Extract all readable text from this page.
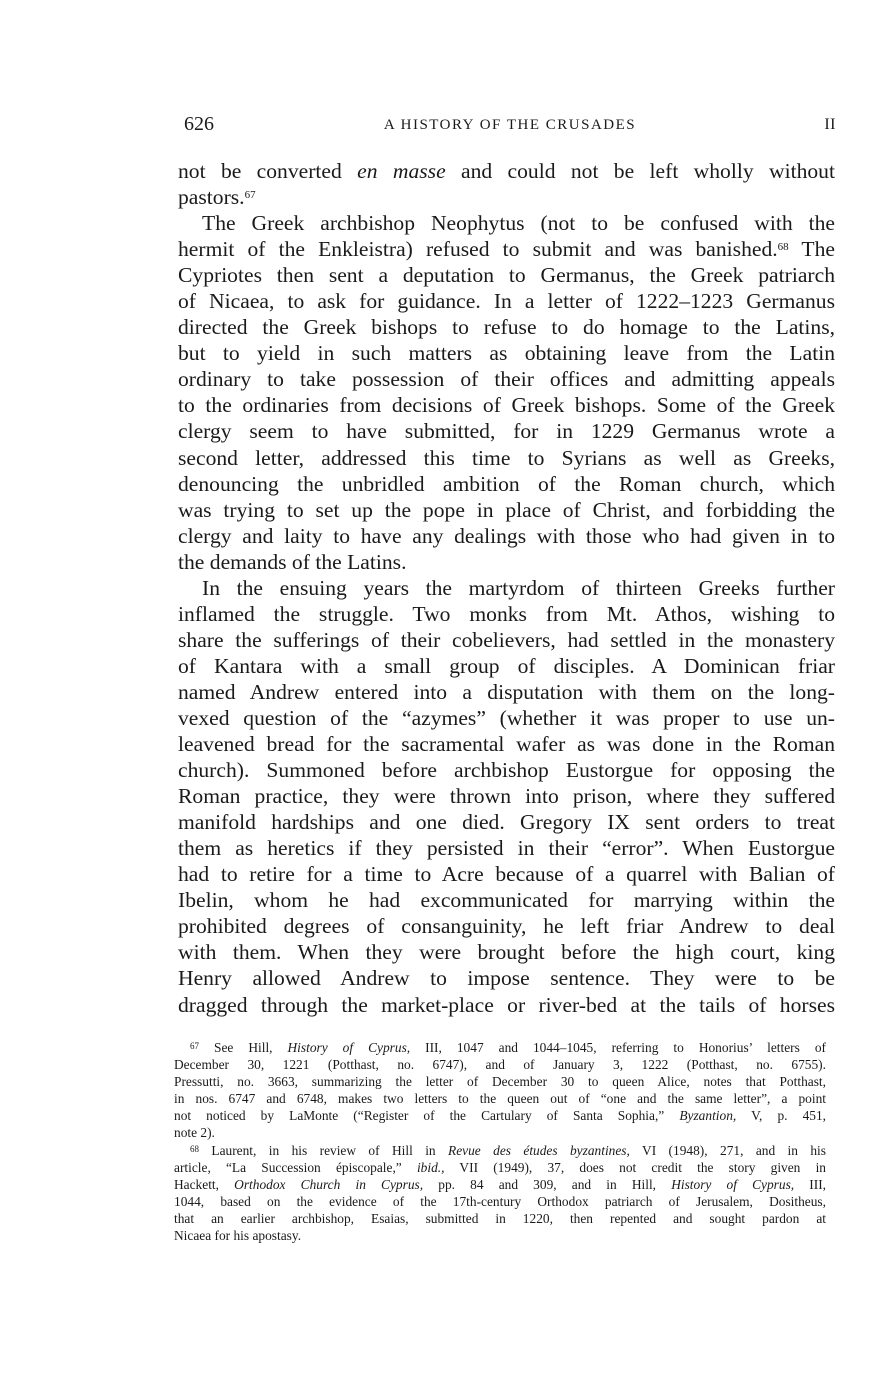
626	A HISTORY OF THE CRUSADES	II
not be converted en masse and could not be left wholly without
pastors.$^{67}$
The Greek archbishop Neophytus (not to be confused with the
hermit of the Enkleistra) refused to submit and was banished.$^{68}$ The
Cypriotes then sent a deputation to Germanus, the Greek patriarch
of Nicaea, to ask for guidance. In a letter of 1222–1223 Germanus
directed the Greek bishops to refuse to do homage to the Latins,
but to yield in such matters as obtaining leave from the Latin
ordinary to take possession of their offices and admitting appeals
to the ordinaries from decisions of Greek bishops. Some of the Greek
clergy seem to have submitted, for in 1229 Germanus wrote a
second letter, addressed this time to Syrians as well as Greeks,
denouncing the unbridled ambition of the Roman church, which
was trying to set up the pope in place of Christ, and forbidding the
clergy and laity to have any dealings with those who had given in to
the demands of the Latins.
In the ensuing years the martyrdom of thirteen Greeks further
inflamed the struggle. Two monks from Mt. Athos, wishing to
share the sufferings of their cobelievers, had settled in the monastery
of Kantara with a small group of disciples. A Dominican friar
named Andrew entered into a disputation with them on the long-
vexed question of the “azymes” (whether it was proper to use un-
leavened bread for the sacramental wafer as was done in the Roman
church). Summoned before archbishop Eustorgue for opposing the
Roman practice, they were thrown into prison, where they suffered
manifold hardships and one died. Gregory IX sent orders to treat
them as heretics if they persisted in their “error”. When Eustorgue
had to retire for a time to Acre because of a quarrel with Balian of
Ibelin, whom he had excommunicated for marrying within the
prohibited degrees of consanguinity, he left friar Andrew to deal
with them. When they were brought before the high court, king
Henry allowed Andrew to impose sentence. They were to be
dragged through the market-place or river-bed at the tails of horses
$^{67}$ See Hill, History of Cyprus, III, 1047 and 1044–1045, referring to Honorius’ letters of
December 30, 1221 (Potthast, no. 6747), and of January 3, 1222 (Potthast, no. 6755).
Pressutti, no. 3663, summarizing the letter of December 30 to queen Alice, notes that Potthast,
in nos. 6747 and 6748, makes two letters to the queen out of “one and the same letter”, a point
not noticed by LaMonte (“Register of the Cartulary of Santa Sophia,” Byzantion, V, p. 451,
note 2).
$^{68}$ Laurent, in his review of Hill in Revue des études byzantines, VI (1948), 271, and in his
article, “La Succession épiscopale,” ibid., VII (1949), 37, does not credit the story given in
Hackett, Orthodox Church in Cyprus, pp. 84 and 309, and in Hill, History of Cyprus, III,
1044, based on the evidence of the 17th-century Orthodox patriarch of Jerusalem, Dositheus,
that an earlier archbishop, Esaias, submitted in 1220, then repented and sought pardon at
Nicaea for his apostasy.
